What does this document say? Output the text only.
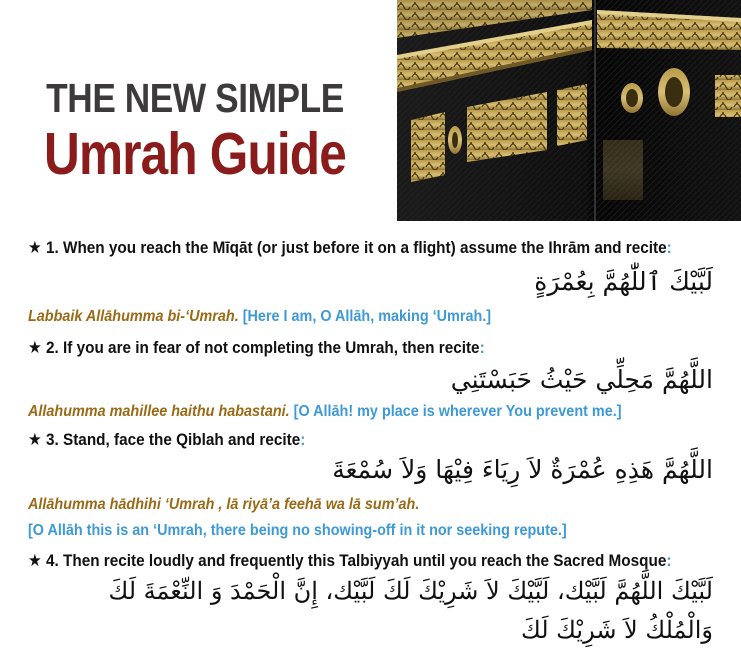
THE NEW SIMPLE
Umrah Guide
★ 1. When you reach the Mīqāt (or just before it on a flight) assume the Ihrām and recite:
لَبَّيْكَ ٱللّٰهُمَّ بِعُمْرَةٍ
Labbaik Allāhumma bi-‘Umrah. [Here I am, O Allāh, making ‘Umrah.]
★ 2. If you are in fear of not completing the Umrah, then recite:
اللَّهُمَّ مَحِلِّي حَيْثُ حَبَسْتَنِي
Allahumma mahillee haithu habastani. [O Allāh! my place is wherever You prevent me.]
★ 3. Stand, face the Qiblah and recite:
اللَّهُمَّ هَذِهِ عُمْرَةٌ لاَ رِيَاءَ فِيْهَا وَلاَ سُمْعَةَ
Allāhumma hādhihi ‘Umrah , lā riyā’a feehā wa lā sum’ah.
[O Allāh this is an ‘Umrah, there being no showing-off in it nor seeking repute.]
★ 4. Then recite loudly and frequently this Talbiyyah until you reach the Sacred Mosque:
لَبَّيْكَ اللَّهُمَّ لَبَّيْك، لَبَّيْكَ لاَ شَرِيْكَ لَكَ لَبَّيْك، إِنَّ الْحَمْدَ وَ النِّعْمَةَ لَكَ
وَالْمُلْكُ لاَ شَرِيْكَ لَكَ
